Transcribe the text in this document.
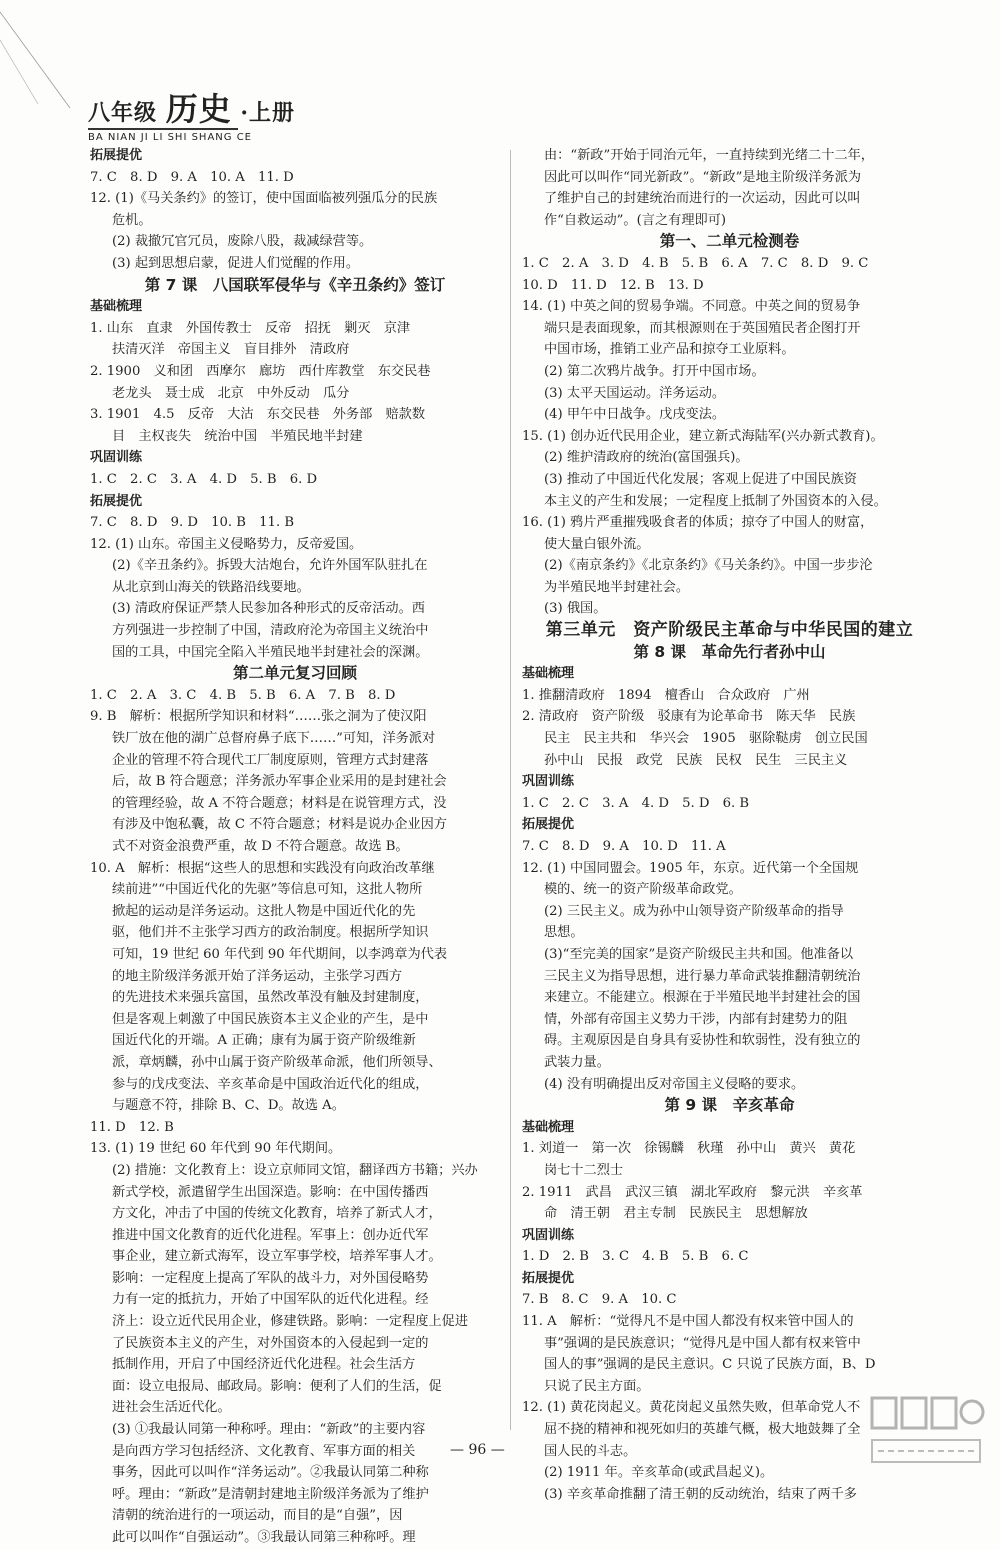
八年级 历史 ·上册
BA NIAN JI LI SHI SHANG CE

拓展提优

7. C　8. D　9. A　10. A　11. D

12. (1)《马关条约》的签订，使中国面临被列强瓜分的民族

危机。

(2) 裁撤冗官冗员，废除八股，裁减绿营等。

(3) 起到思想启蒙，促进人们觉醒的作用。

第 7 课　八国联军侵华与《辛丑条约》签订

基础梳理

1. 山东　直隶　外国传教士　反帝　招抚　剿灭　京津

扶清灭洋　帝国主义　盲目排外　清政府

2. 1900　义和团　西摩尔　廊坊　西什库教堂　东交民巷

老龙头　聂士成　北京　中外反动　瓜分

3. 1901　4.5　反帝　大沽　东交民巷　外务部　赔款数

目　主权丧失　统治中国　半殖民地半封建

巩固训练

1. C　2. C　3. A　4. D　5. B　6. D

拓展提优

7. C　8. D　9. D　10. B　11. B

12. (1) 山东。帝国主义侵略势力，反帝爱国。

(2)《辛丑条约》。拆毁大沽炮台，允许外国军队驻扎在

从北京到山海关的铁路沿线要地。

(3) 清政府保证严禁人民参加各种形式的反帝活动。西

方列强进一步控制了中国，清政府沦为帝国主义统治中

国的工具，中国完全陷入半殖民地半封建社会的深渊。

第二单元复习回顾

1. C　2. A　3. C　4. B　5. B　6. A　7. B　8. D

9. B　解析：根据所学知识和材料“……张之洞为了使汉阳

铁厂放在他的湖广总督府鼻子底下……”可知，洋务派对

企业的管理不符合现代工厂制度原则，管理方式封建落

后，故 B 符合题意；洋务派办军事企业采用的是封建社会

的管理经验，故 A 不符合题意；材料是在说管理方式，没

有涉及中饱私囊，故 C 不符合题意；材料是说办企业因方

式不对资金浪费严重，故 D 不符合题意。故选 B。

10. A　解析：根据“这些人的思想和实践没有向政治改革继

续前进”“中国近代化的先驱”等信息可知，这批人物所

掀起的运动是洋务运动。这批人物是中国近代化的先

驱，他们并不主张学习西方的政治制度。根据所学知识

可知，19 世纪 60 年代到 90 年代期间，以李鸿章为代表

的地主阶级洋务派开始了洋务运动，主张学习西方

的先进技术来强兵富国，虽然改革没有触及封建制度，

但是客观上刺激了中国民族资本主义企业的产生，是中

国近代化的开端。A 正确；康有为属于资产阶级维新

派，章炳麟，孙中山属于资产阶级革命派，他们所领导、

参与的戊戌变法、辛亥革命是中国政治近代化的组成，

与题意不符，排除 B、C、D。故选 A。

11. D　12. B

13. (1) 19 世纪 60 年代到 90 年代期间。

(2) 措施：文化教育上：设立京师同文馆，翻译西方书籍；兴办

新式学校，派遣留学生出国深造。影响：在中国传播西

方文化，冲击了中国的传统文化教育，培养了新式人才，

推进中国文化教育的近代化进程。军事上：创办近代军

事企业，建立新式海军，设立军事学校，培养军事人才。

影响：一定程度上提高了军队的战斗力，对外国侵略势

力有一定的抵抗力，开始了中国军队的近代化进程。经

济上：设立近代民用企业，修建铁路。影响：一定程度上促进

了民族资本主义的产生，对外国资本的入侵起到一定的

抵制作用，开启了中国经济近代化进程。社会生活方

面：设立电报局、邮政局。影响：便利了人们的生活，促

进社会生活近代化。

(3) ①我最认同第一种称呼。理由：“新政”的主要内容

是向西方学习包括经济、文化教育、军事方面的相关

事务，因此可以叫作“洋务运动”。②我最认同第二种称

呼。理由：“新政”是清朝封建地主阶级洋务派为了维护

清朝的统治进行的一项运动，而目的是“自强”，因

此可以叫作“自强运动”。③我最认同第三种称呼。理

由：“新政”开始于同治元年，一直持续到光绪二十二年，

因此可以叫作“同光新政”。“新政”是地主阶级洋务派为

了维护自己的封建统治而进行的一次运动，因此可以叫

作“自救运动”。(言之有理即可)

第一、二单元检测卷

1. C　2. A　3. D　4. B　5. B　6. A　7. C　8. D　9. C

10. D　11. D　12. B　13. D

14. (1) 中英之间的贸易争端。不同意。中英之间的贸易争

端只是表面现象，而其根源则在于英国殖民者企图打开

中国市场，推销工业产品和掠夺工业原料。

(2) 第二次鸦片战争。打开中国市场。

(3) 太平天国运动。洋务运动。

(4) 甲午中日战争。戊戌变法。

15. (1) 创办近代民用企业，建立新式海陆军(兴办新式教育)。

(2) 维护清政府的统治(富国强兵)。

(3) 推动了中国近代化发展；客观上促进了中国民族资

本主义的产生和发展；一定程度上抵制了外国资本的入侵。

16. (1) 鸦片严重摧残吸食者的体质；掠夺了中国人的财富，

使大量白银外流。

(2)《南京条约》《北京条约》《马关条约》。中国一步步沦

为半殖民地半封建社会。

(3) 俄国。

第三单元　资产阶级民主革命与中华民国的建立

第 8 课　革命先行者孙中山

基础梳理

1. 推翻清政府　1894　檀香山　合众政府　广州

2. 清政府　资产阶级　驳康有为论革命书　陈天华　民族

民主　民主共和　华兴会　1905　驱除鞑虏　创立民国

孙中山　民报　政党　民族　民权　民生　三民主义

巩固训练

1. C　2. C　3. A　4. D　5. D　6. B

拓展提优

7. C　8. D　9. A　10. D　11. A

12. (1) 中国同盟会。1905 年，东京。近代第一个全国规

模的、统一的资产阶级革命政党。

(2) 三民主义。成为孙中山领导资产阶级革命的指导

思想。

(3)“至完美的国家”是资产阶级民主共和国。他准备以

三民主义为指导思想，进行暴力革命武装推翻清朝统治

来建立。不能建立。根源在于半殖民地半封建社会的国

情，外部有帝国主义势力干涉，内部有封建势力的阻

碍。主观原因是自身具有妥协性和软弱性，没有独立的

武装力量。

(4) 没有明确提出反对帝国主义侵略的要求。

第 9 课　辛亥革命

基础梳理

1. 刘道一　第一次　徐锡麟　秋瑾　孙中山　黄兴　黄花

岗七十二烈士

2. 1911　武昌　武汉三镇　湖北军政府　黎元洪　辛亥革

命　清王朝　君主专制　民族民主　思想解放

巩固训练

1. D　2. B　3. C　4. B　5. B　6. C

拓展提优

7. B　8. C　9. A　10. C

11. A　解析：“觉得凡不是中国人都没有权来管中国人的

事”强调的是民族意识；“觉得凡是中国人都有权来管中

国人的事”强调的是民主意识。C 只说了民族方面，B、D

只说了民主方面。

12. (1) 黄花岗起义。黄花岗起义虽然失败，但革命党人不

屈不挠的精神和视死如归的英雄气概，极大地鼓舞了全

国人民的斗志。

(2) 1911 年。辛亥革命(或武昌起义)。

(3) 辛亥革命推翻了清王朝的反动统治，结束了两千多

— 96 —
